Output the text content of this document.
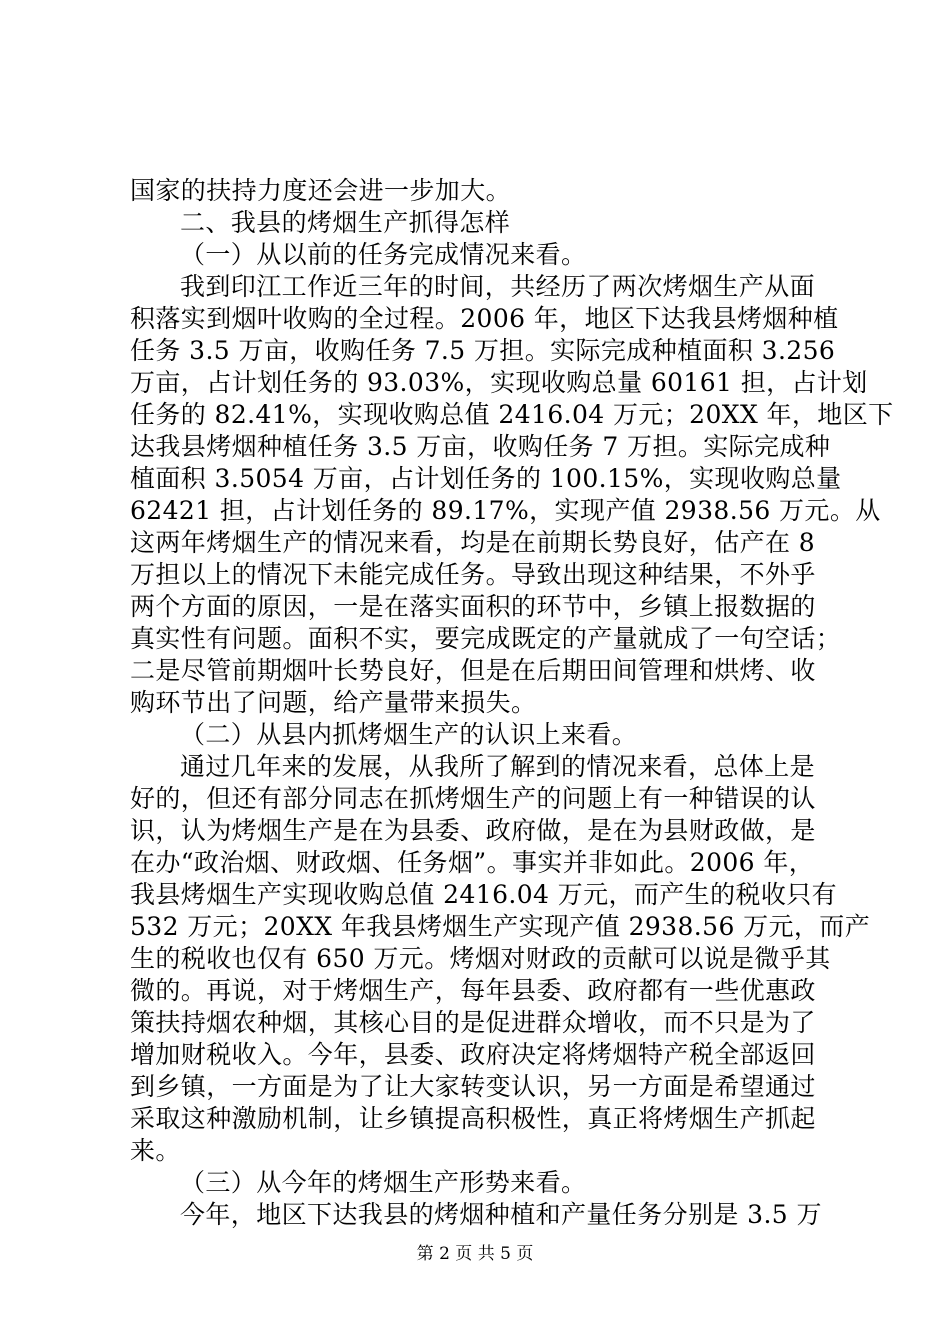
国家的扶持力度还会进一步加大。
二、我县的烤烟生产抓得怎样
（一）从以前的任务完成情况来看。
我到印江工作近三年的时间，共经历了两次烤烟生产从面
积落实到烟叶收购的全过程。2006 年，地区下达我县烤烟种植
任务 3.5 万亩，收购任务 7.5 万担。实际完成种植面积 3.256
万亩，占计划任务的 93.03%，实现收购总量 60161 担，占计划
任务的 82.41%，实现收购总值 2416.04 万元；20XX 年，地区下
达我县烤烟种植任务 3.5 万亩，收购任务 7 万担。实际完成种
植面积 3.5054 万亩，占计划任务的 100.15%，实现收购总量
62421 担，占计划任务的 89.17%，实现产值 2938.56 万元。从
这两年烤烟生产的情况来看，均是在前期长势良好，估产在 8
万担以上的情况下未能完成任务。导致出现这种结果，不外乎
两个方面的原因，一是在落实面积的环节中，乡镇上报数据的
真实性有问题。面积不实，要完成既定的产量就成了一句空话；
二是尽管前期烟叶长势良好，但是在后期田间管理和烘烤、收
购环节出了问题，给产量带来损失。
（二）从县内抓烤烟生产的认识上来看。
通过几年来的发展，从我所了解到的情况来看，总体上是
好的，但还有部分同志在抓烤烟生产的问题上有一种错误的认
识，认为烤烟生产是在为县委、政府做，是在为县财政做，是
在办“政治烟、财政烟、任务烟”。事实并非如此。2006 年，
我县烤烟生产实现收购总值 2416.04 万元，而产生的税收只有
532 万元；20XX 年我县烤烟生产实现产值 2938.56 万元，而产
生的税收也仅有 650 万元。烤烟对财政的贡献可以说是微乎其
微的。再说，对于烤烟生产，每年县委、政府都有一些优惠政
策扶持烟农种烟，其核心目的是促进群众增收，而不只是为了
增加财税收入。今年，县委、政府决定将烤烟特产税全部返回
到乡镇，一方面是为了让大家转变认识，另一方面是希望通过
采取这种激励机制，让乡镇提高积极性，真正将烤烟生产抓起
来。
（三）从今年的烤烟生产形势来看。
今年，地区下达我县的烤烟种植和产量任务分别是 3.5 万
第 2 页 共 5 页
